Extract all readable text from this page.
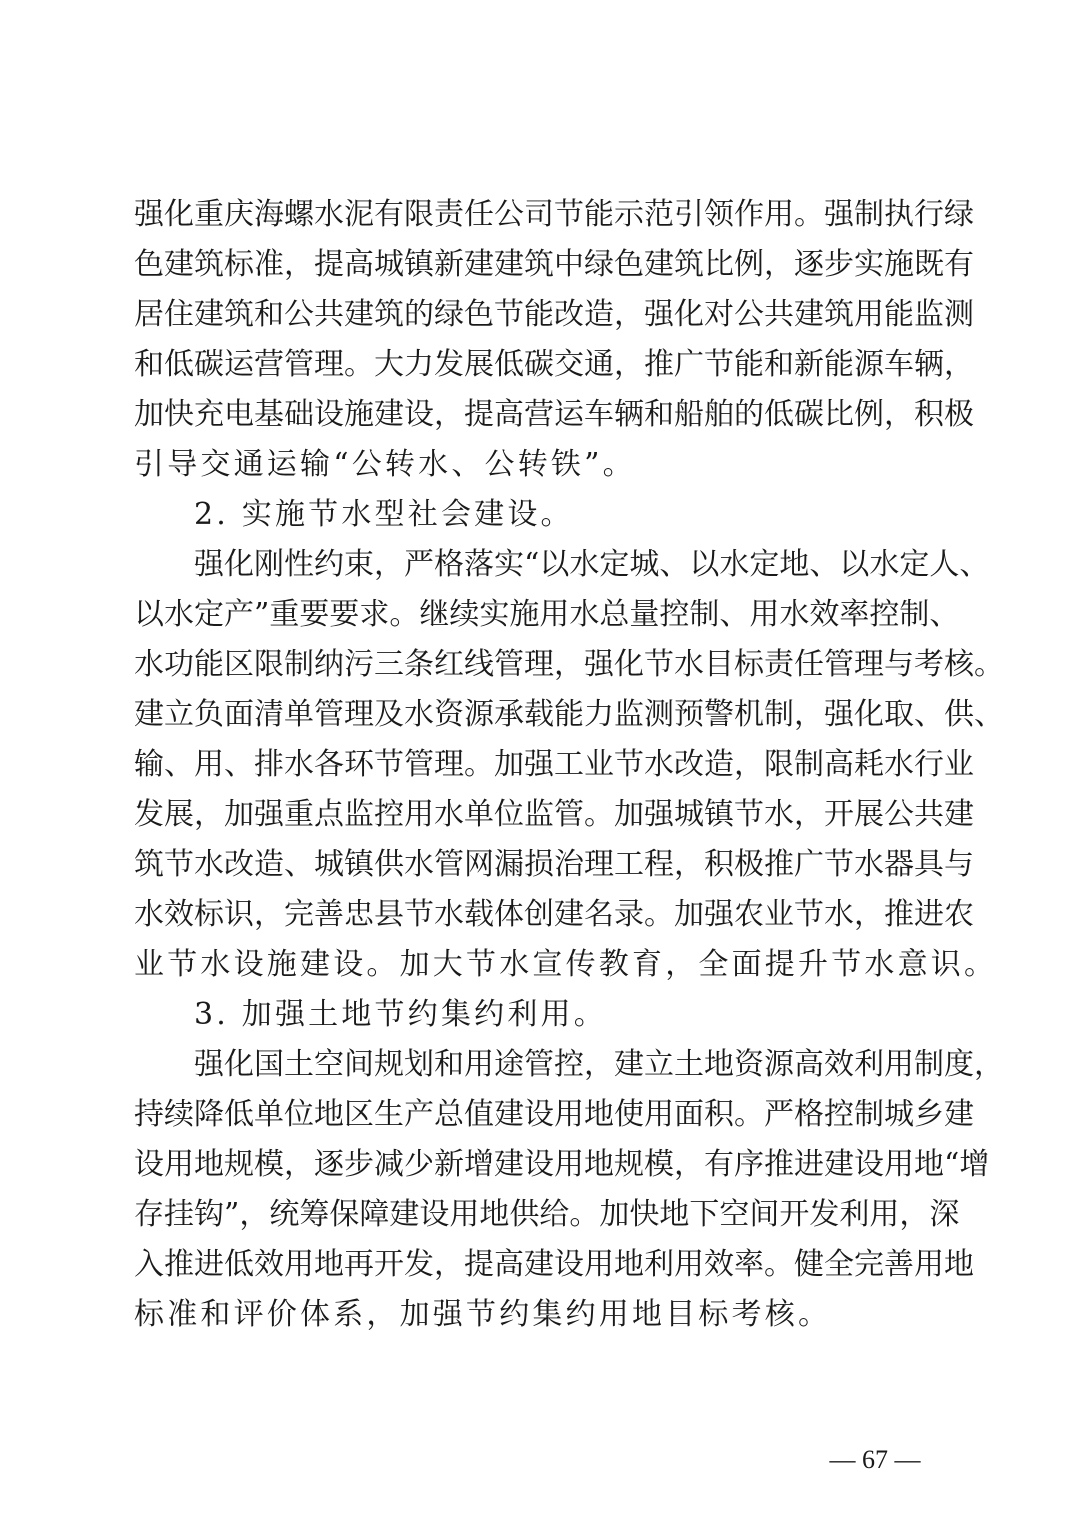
强化重庆海螺水泥有限责任公司节能示范引领作用。强制执行绿
色建筑标准，提高城镇新建建筑中绿色建筑比例，逐步实施既有
居住建筑和公共建筑的绿色节能改造，强化对公共建筑用能监测
和低碳运营管理。大力发展低碳交通，推广节能和新能源车辆，
加快充电基础设施建设，提高营运车辆和船舶的低碳比例，积极
引导交通运输“公转水、公转铁”。
2. 实施节水型社会建设。
强化刚性约束，严格落实“以水定城、以水定地、以水定人、
以水定产”重要要求。继续实施用水总量控制、用水效率控制、
水功能区限制纳污三条红线管理，强化节水目标责任管理与考核。
建立负面清单管理及水资源承载能力监测预警机制，强化取、供、
输、用、排水各环节管理。加强工业节水改造，限制高耗水行业
发展，加强重点监控用水单位监管。加强城镇节水，开展公共建
筑节水改造、城镇供水管网漏损治理工程，积极推广节水器具与
水效标识，完善忠县节水载体创建名录。加强农业节水，推进农
业节水设施建设。加大节水宣传教育，全面提升节水意识。
3. 加强土地节约集约利用。
强化国土空间规划和用途管控，建立土地资源高效利用制度，
持续降低单位地区生产总值建设用地使用面积。严格控制城乡建
设用地规模，逐步减少新增建设用地规模，有序推进建设用地“增
存挂钩”，统筹保障建设用地供给。加快地下空间开发利用，深
入推进低效用地再开发，提高建设用地利用效率。健全完善用地
标准和评价体系，加强节约集约用地目标考核。
— 67 —
